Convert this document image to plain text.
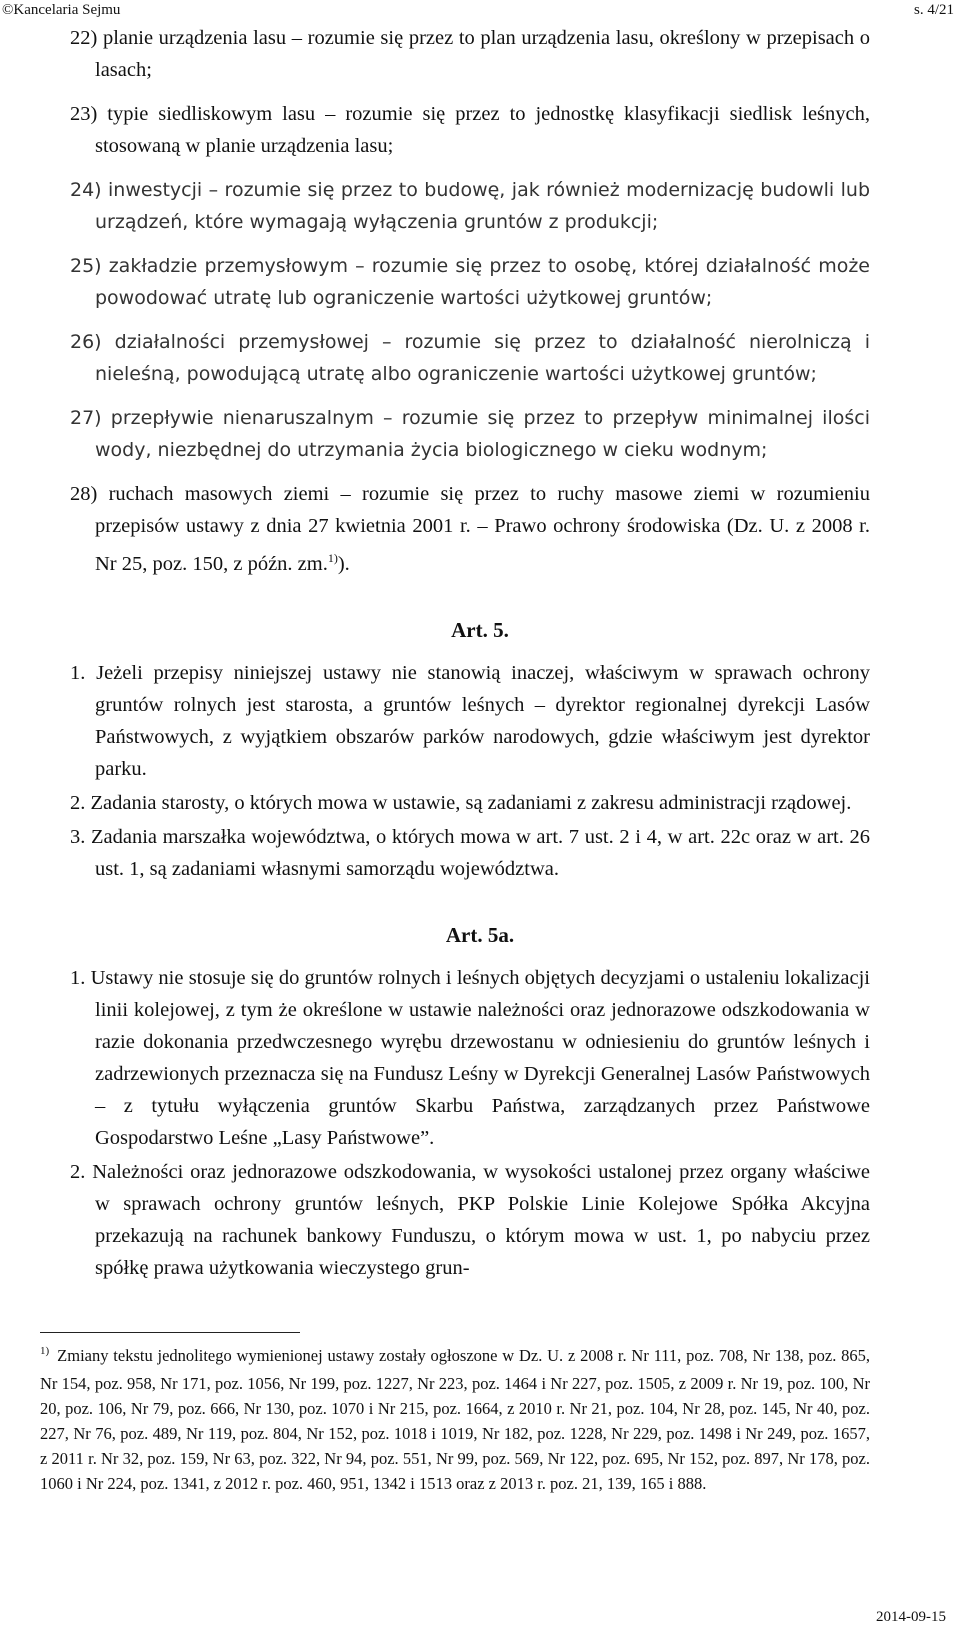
©Kancelaria Sejmu	s. 4/21
22) planie urządzenia lasu – rozumie się przez to plan urządzenia lasu, określony w przepisach o lasach;
23) typie siedliskowym lasu – rozumie się przez to jednostkę klasyfikacji siedlisk leśnych, stosowaną w planie urządzenia lasu;
24) inwestycji – rozumie się przez to budowę, jak również modernizację budowli lub urządzeń, które wymagają wyłączenia gruntów z produkcji;
25) zakładzie przemysłowym – rozumie się przez to osobę, której działalność może powodować utratę lub ograniczenie wartości użytkowej gruntów;
26) działalności przemysłowej – rozumie się przez to działalność nierolniczą i nieleśną, powodującą utratę albo ograniczenie wartości użytkowej gruntów;
27) przepływie nienaruszalnym – rozumie się przez to przepływ minimalnej ilości wody, niezbędnej do utrzymania życia biologicznego w cieku wodnym;
28) ruchach masowych ziemi – rozumie się przez to ruchy masowe ziemi w rozumieniu przepisów ustawy z dnia 27 kwietnia 2001 r. – Prawo ochrony środowiska (Dz. U. z 2008 r. Nr 25, poz. 150, z późn. zm.$^{1)}$).
Art. 5.
1. Jeżeli przepisy niniejszej ustawy nie stanowią inaczej, właściwym w sprawach ochrony gruntów rolnych jest starosta, a gruntów leśnych – dyrektor regionalnej dyrekcji Lasów Państwowych, z wyjątkiem obszarów parków narodowych, gdzie właściwym jest dyrektor parku.
2. Zadania starosty, o których mowa w ustawie, są zadaniami z zakresu administracji rządowej.
3. Zadania marszałka województwa, o których mowa w art. 7 ust. 2 i 4, w art. 22c oraz w art. 26 ust. 1, są zadaniami własnymi samorządu województwa.
Art. 5a.
1. Ustawy nie stosuje się do gruntów rolnych i leśnych objętych decyzjami o ustaleniu lokalizacji linii kolejowej, z tym że określone w ustawie należności oraz jednorazowe odszkodowania w razie dokonania przedwczesnego wyrębu drzewostanu w odniesieniu do gruntów leśnych i zadrzewionych przeznacza się na Fundusz Leśny w Dyrekcji Generalnej Lasów Państwowych – z tytułu wyłączenia gruntów Skarbu Państwa, zarządzanych przez Państwowe Gospodarstwo Leśne „Lasy Państwowe”.
2. Należności oraz jednorazowe odszkodowania, w wysokości ustalonej przez organy właściwe w sprawach ochrony gruntów leśnych, PKP Polskie Linie Kolejowe Spółka Akcyjna przekazują na rachunek bankowy Funduszu, o którym mowa w ust. 1, po nabyciu przez spółkę prawa użytkowania wieczystego grun-
$^{1)}$ Zmiany tekstu jednolitego wymienionej ustawy zostały ogłoszone w Dz. U. z 2008 r. Nr 111, poz. 708, Nr 138, poz. 865, Nr 154, poz. 958, Nr 171, poz. 1056, Nr 199, poz. 1227, Nr 223, poz. 1464 i Nr 227, poz. 1505, z 2009 r. Nr 19, poz. 100, Nr 20, poz. 106, Nr 79, poz. 666, Nr 130, poz. 1070 i Nr 215, poz. 1664, z 2010 r. Nr 21, poz. 104, Nr 28, poz. 145, Nr 40, poz. 227, Nr 76, poz. 489, Nr 119, poz. 804, Nr 152, poz. 1018 i 1019, Nr 182, poz. 1228, Nr 229, poz. 1498 i Nr 249, poz. 1657, z 2011 r. Nr 32, poz. 159, Nr 63, poz. 322, Nr 94, poz. 551, Nr 99, poz. 569, Nr 122, poz. 695, Nr 152, poz. 897, Nr 178, poz. 1060 i Nr 224, poz. 1341, z 2012 r. poz. 460, 951, 1342 i 1513 oraz z 2013 r. poz. 21, 139, 165 i 888.
2014-09-15
